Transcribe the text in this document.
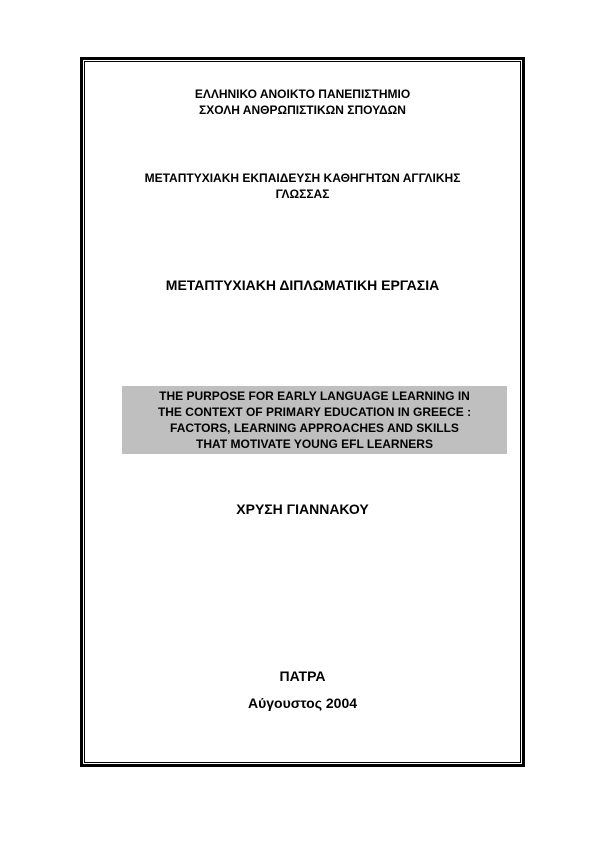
ΕΛΛΗΝΙΚΟ ΑΝΟΙΚΤΟ ΠΑΝΕΠΙΣΤΗΜΙΟ
ΣΧΟΛΗ ΑΝΘΡΩΠΙΣΤΙΚΩΝ ΣΠΟΥΔΩΝ
ΜΕΤΑΠΤΥΧΙΑΚΗ ΕΚΠΑΙΔΕΥΣΗ ΚΑΘΗΓΗΤΩΝ ΑΓΓΛΙΚΗΣ
ΓΛΩΣΣΑΣ
ΜΕΤΑΠΤΥΧΙΑΚΗ ΔΙΠΛΩΜΑΤΙΚΗ ΕΡΓΑΣΙΑ
THE PURPOSE FOR EARLY LANGUAGE LEARNING IN
THE CONTEXT OF PRIMARY EDUCATION IN GREECE :
FACTORS, LEARNING APPROACHES AND SKILLS
THAT MOTIVATE YOUNG EFL LEARNERS
ΧΡΥΣΗ ΓΙΑΝΝΑΚΟΥ
ΠΑΤΡΑ
Αύγουστος 2004
